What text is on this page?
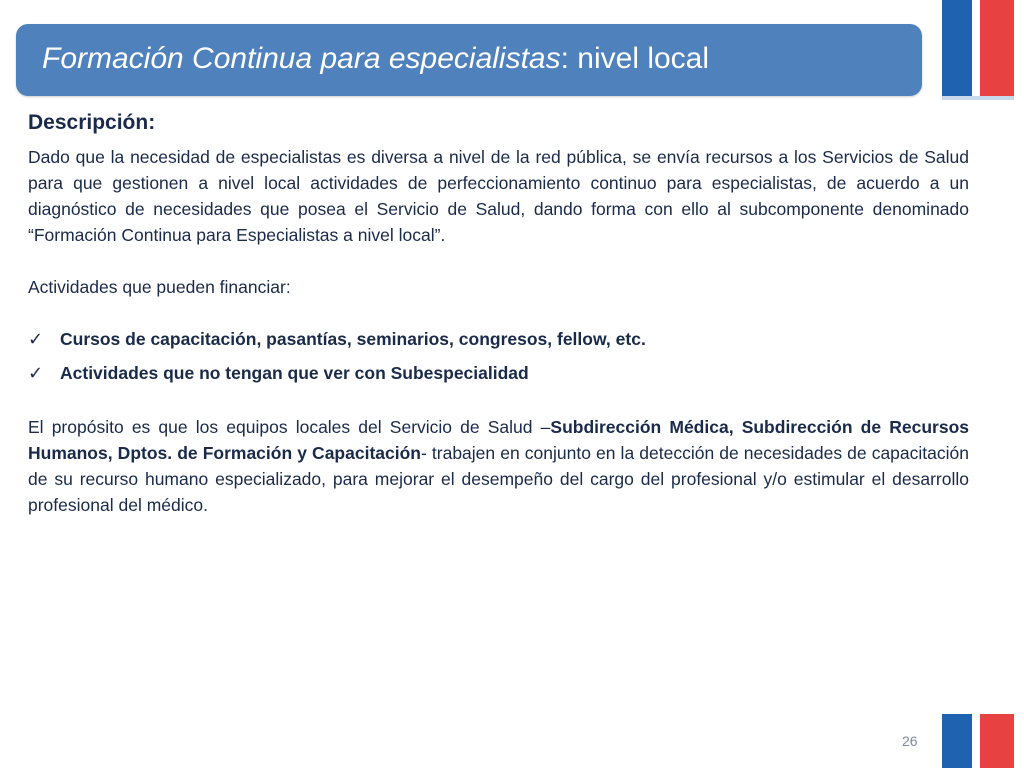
Formación Continua para especialistas: nivel local

Descripción:

Dado que la necesidad de especialistas es diversa a nivel de la red pública, se envía recursos a los Servicios de Salud para que gestionen a nivel local actividades de perfeccionamiento continuo para especialistas, de acuerdo a un diagnóstico de necesidades que posea el Servicio de Salud, dando forma con ello al subcomponente denominado “Formación Continua para Especialistas a nivel local”.

Actividades que pueden financiar:

✓ Cursos de capacitación, pasantías, seminarios, congresos, fellow, etc.
✓ Actividades que no tengan que ver con Subespecialidad

El propósito es que los equipos locales del Servicio de Salud –Subdirección Médica, Subdirección de Recursos Humanos, Dptos. de Formación y Capacitación- trabajen en conjunto en la detección de necesidades de capacitación de su recurso humano especializado, para mejorar el desempeño del cargo del profesional y/o estimular el desarrollo profesional del médico.

26
